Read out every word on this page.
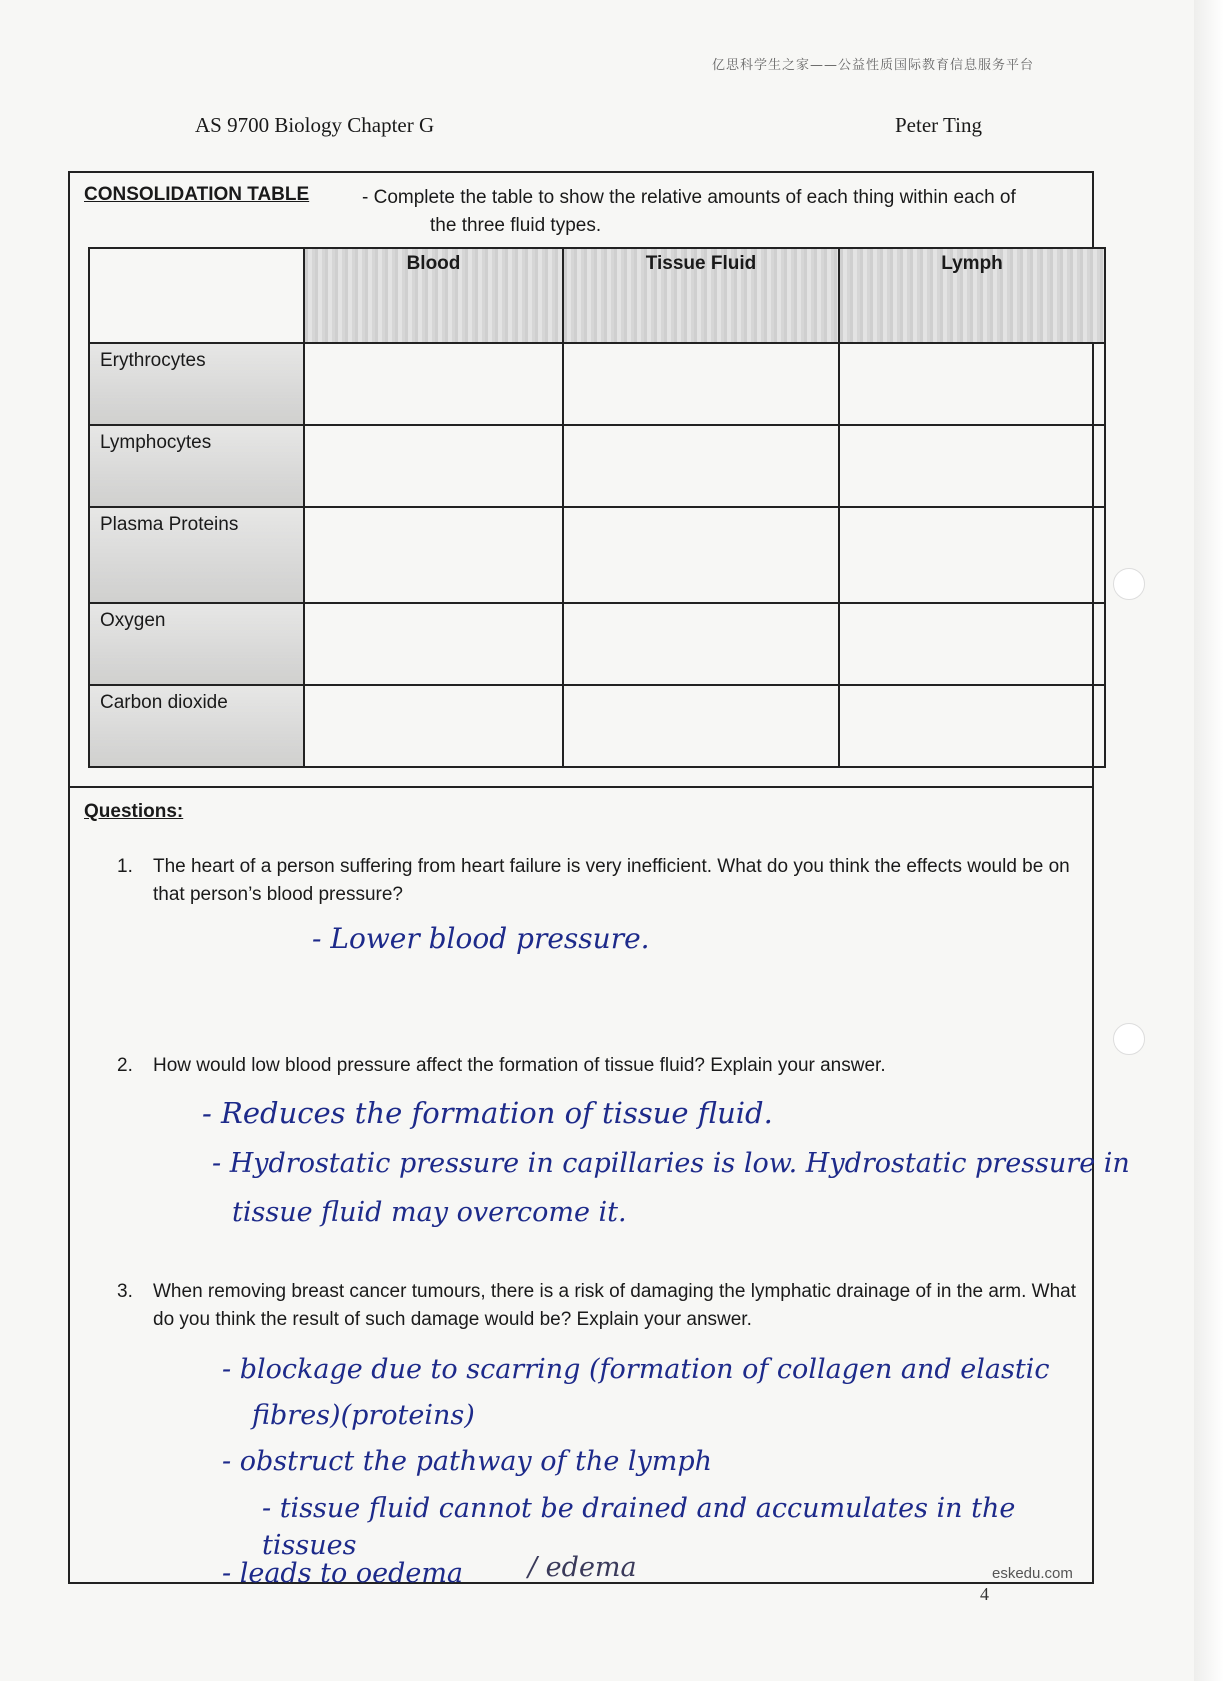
亿思科学生之家——公益性质国际教育信息服务平台
AS 9700 Biology Chapter G	Peter Ting
CONSOLIDATION TABLE	- Complete the table to show the relative amounts of each thing within each of
the three fluid types.
	Blood	Tissue Fluid	Lymph
Erythrocytes			
Lymphocytes			
Plasma Proteins			
Oxygen			
Carbon dioxide			
Questions:
1. The heart of a person suffering from heart failure is very inefficient. What do you think the effects would be on that person’s blood pressure?
- Lower blood pressure.
2. How would low blood pressure affect the formation of tissue fluid? Explain your answer.
- Reduces the formation of tissue fluid.
- Hydrostatic pressure in capillaries is low. Hydrostatic pressure in
tissue fluid may overcome it.
3. When removing breast cancer tumours, there is a risk of damaging the lymphatic drainage of in the arm. What do you think the result of such damage would be? Explain your answer.
- blockage due to scarring (formation of collagen and elastic
fibres)(proteins)
- obstruct the pathway of the lymph
- tissue fluid cannot be drained and accumulates in the
tissues
- leads to oedema / edema	eskedu.com
4
